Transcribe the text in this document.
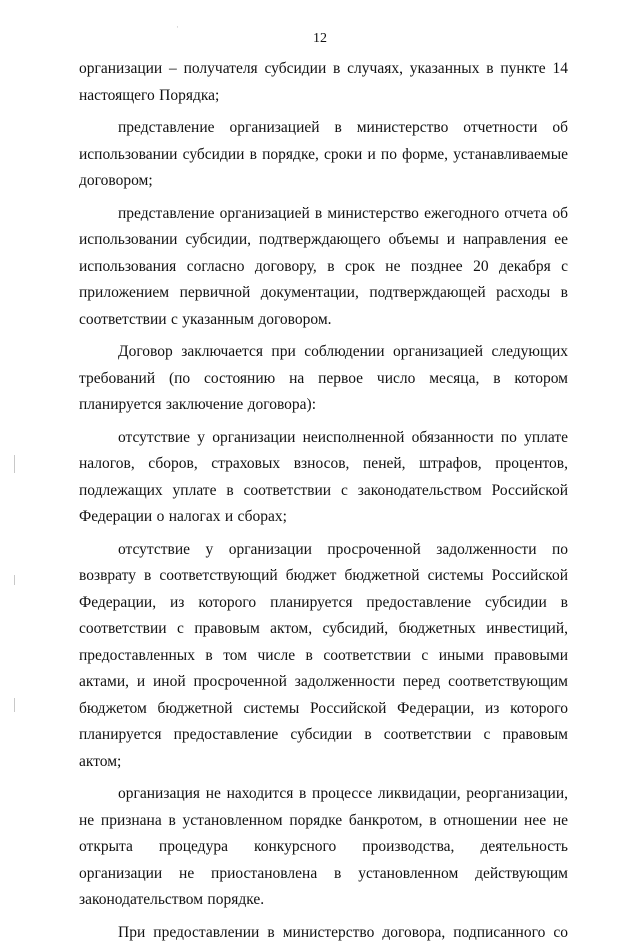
·
12

организации – получателя субсидии в случаях, указанных в пункте 14 настоящего Порядка;

представление организацией в министерство отчетности об использовании субсидии в порядке, сроки и по форме, устанавливаемые договором;

представление организацией в министерство ежегодного отчета об использовании субсидии, подтверждающего объемы и направления ее использования согласно договору, в срок не позднее 20 декабря с приложением первичной документации, подтверждающей расходы в соответствии с указанным договором.

Договор заключается при соблюдении организацией следующих требований (по состоянию на первое число месяца, в котором планируется заключение договора):

отсутствие у организации неисполненной обязанности по уплате налогов, сборов, страховых взносов, пеней, штрафов, процентов, подлежащих уплате в соответствии с законодательством Российской Федерации о налогах и сборах;

отсутствие у организации просроченной задолженности по возврату в соответствующий бюджет бюджетной системы Российской Федерации, из которого планируется предоставление субсидии в соответствии с правовым актом, субсидий, бюджетных инвестиций, предоставленных в том числе в соответствии с иными правовыми актами, и иной просроченной задолженности перед соответствующим бюджетом бюджетной системы Российской Федерации, из которого планируется предоставление субсидии в соответствии с правовым актом;

организация не находится в процессе ликвидации, реорганизации, не признана в установленном порядке банкротом, в отношении нее не открыта процедура конкурсного производства, деятельность организации не приостановлена в установленном действующим законодательством порядке.

При предоставлении в министерство договора, подписанного со
